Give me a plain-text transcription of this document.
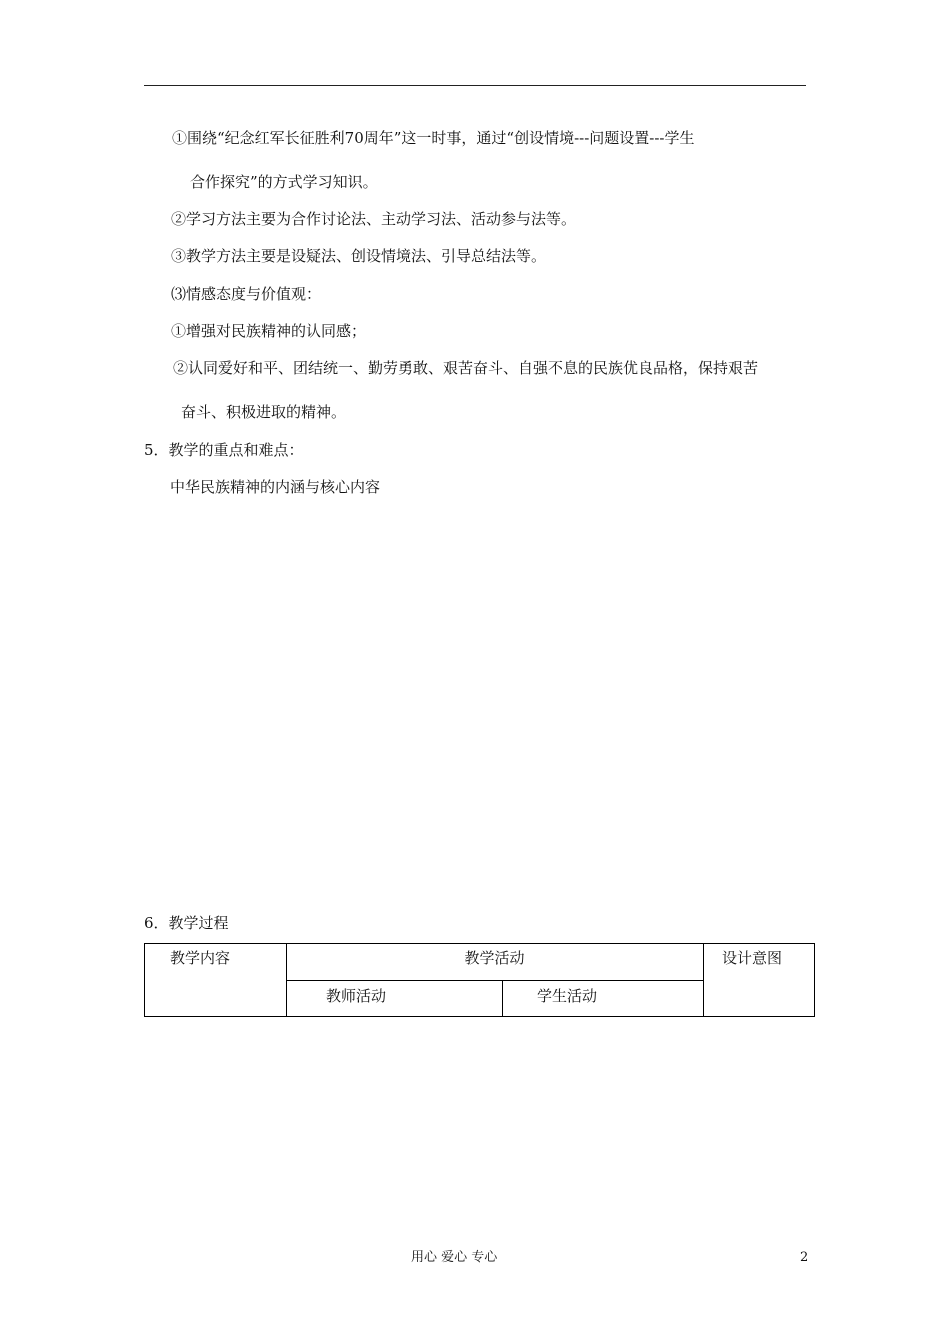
①围绕“纪念红军长征胜利70周年”这一时事，通过“创设情境---问题设置---学生
合作探究”的方式学习知识。
②学习方法主要为合作讨论法、主动学习法、活动参与法等。
③教学方法主要是设疑法、创设情境法、引导总结法等。
⑶情感态度与价值观：
①增强对民族精神的认同感；
②认同爱好和平、团结统一、勤劳勇敢、艰苦奋斗、自强不息的民族优良品格，保持艰苦
奋斗、积极进取的精神。
5．教学的重点和难点：
中华民族精神的内涵与核心内容
6．教学过程
教学内容	教学活动	设计意图
教师活动	学生活动
用心 爱心 专心	2
